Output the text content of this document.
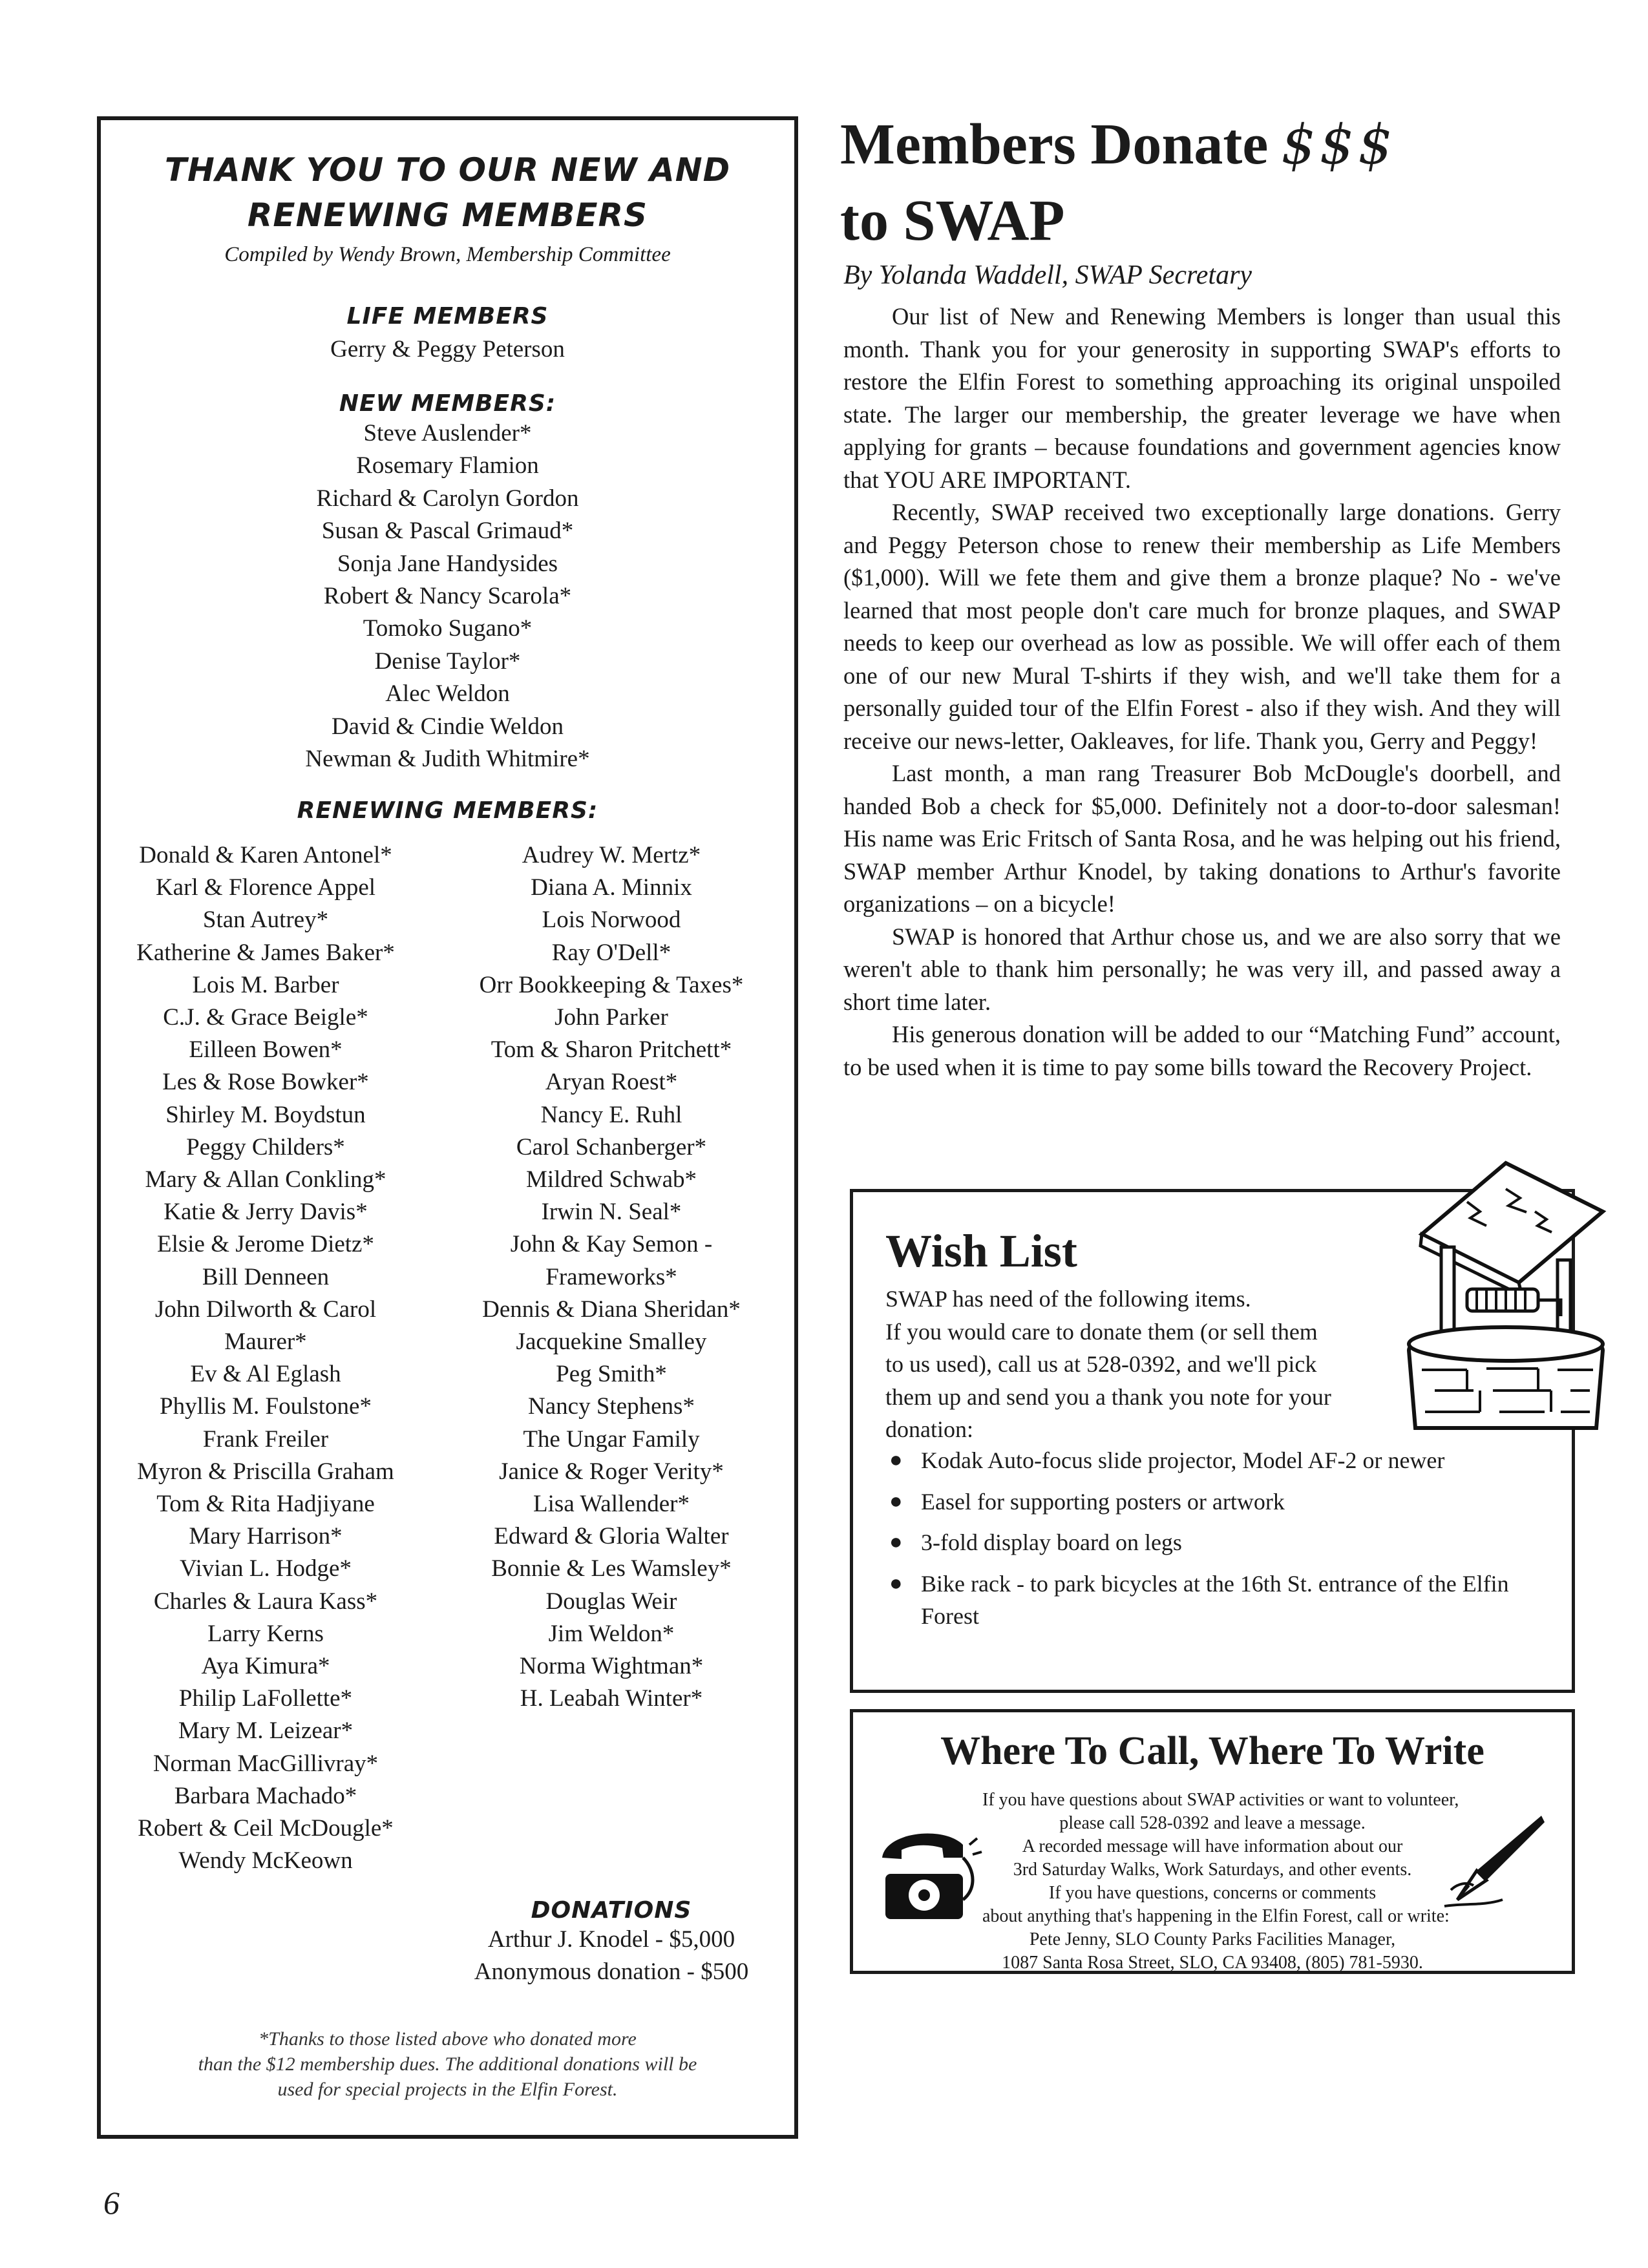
THANK YOU TO OUR NEW AND
RENEWING MEMBERS
Compiled by Wendy Brown, Membership Committee
LIFE MEMBERS
Gerry & Peggy Peterson
NEW MEMBERS:
Steve Auslender*
Rosemary Flamion
Richard & Carolyn Gordon
Susan & Pascal Grimaud*
Sonja Jane Handysides
Robert & Nancy Scarola*
Tomoko Sugano*
Denise Taylor*
Alec Weldon
David & Cindie Weldon
Newman & Judith Whitmire*
RENEWING MEMBERS:
Donald & Karen Antonel*
Karl & Florence Appel
Stan Autrey*
Katherine & James Baker*
Lois M. Barber
C.J. & Grace Beigle*
Eilleen Bowen*
Les & Rose Bowker*
Shirley M. Boydstun
Peggy Childers*
Mary & Allan Conkling*
Katie & Jerry Davis*
Elsie & Jerome Dietz*
Bill Denneen
John Dilworth & Carol
Maurer*
Ev & Al Eglash
Phyllis M. Foulstone*
Frank Freiler
Myron & Priscilla Graham
Tom & Rita Hadjiyane
Mary Harrison*
Vivian L. Hodge*
Charles & Laura Kass*
Larry Kerns
Aya Kimura*
Philip LaFollette*
Mary M. Leizear*
Norman MacGillivray*
Barbara Machado*
Robert & Ceil McDougle*
Wendy McKeown
Audrey W. Mertz*
Diana A. Minnix
Lois Norwood
Ray O'Dell*
Orr Bookkeeping & Taxes*
John Parker
Tom & Sharon Pritchett*
Aryan Roest*
Nancy E. Ruhl
Carol Schanberger*
Mildred Schwab*
Irwin N. Seal*
John & Kay Semon -
Frameworks*
Dennis & Diana Sheridan*
Jacquekine Smalley
Peg Smith*
Nancy Stephens*
The Ungar Family
Janice & Roger Verity*
Lisa Wallender*
Edward & Gloria Walter
Bonnie & Les Wamsley*
Douglas Weir
Jim Weldon*
Norma Wightman*
H. Leabah Winter*
DONATIONS
Arthur J. Knodel - $5,000
Anonymous donation - $500
*Thanks to those listed above who donated more
than the $12 membership dues. The additional donations will be
used for special projects in the Elfin Forest.
Members Donate $$$
to SWAP
By Yolanda Waddell, SWAP Secretary

Our list of New and Renewing Members is longer than usual this month. Thank you for your generosity in supporting SWAP's efforts to restore the Elfin Forest to something approaching its original unspoiled state. The larger our membership, the greater leverage we have when applying for grants – because foundations and government agencies know that YOU ARE IMPORTANT.

Recently, SWAP received two exceptionally large donations. Gerry and Peggy Peterson chose to renew their membership as Life Members ($1,000). Will we fete them and give them a bronze plaque? No - we've learned that most people don't care much for bronze plaques, and SWAP needs to keep our overhead as low as possible. We will offer each of them one of our new Mural T-shirts if they wish, and we'll take them for a personally guided tour of the Elfin Forest - also if they wish. And they will receive our news-letter, Oakleaves, for life. Thank you, Gerry and Peggy!

Last month, a man rang Treasurer Bob McDougle's doorbell, and handed Bob a check for $5,000. Definitely not a door-to-door salesman! His name was Eric Fritsch of Santa Rosa, and he was helping out his friend, SWAP member Arthur Knodel, by taking donations to Arthur's favorite organizations – on a bicycle!

SWAP is honored that Arthur chose us, and we are also sorry that we weren't able to thank him personally; he was very ill, and passed away a short time later.

His generous donation will be added to our “Matching Fund” account, to be used when it is time to pay some bills toward the Recovery Project.

Wish List
SWAP has need of the following items.
If you would care to donate them (or sell them
to us used), call us at 528-0392, and we'll pick
them up and send you a thank you note for your
donation:
● Kodak Auto-focus slide projector, Model AF-2 or newer
● Easel for supporting posters or artwork
● 3-fold display board on legs
● Bike rack - to park bicycles at the 16th St. entrance of the Elfin Forest
Where To Call, Where To Write
If you have questions about SWAP activities or want to volunteer,
please call 528-0392 and leave a message.
A recorded message will have information about our
3rd Saturday Walks, Work Saturdays, and other events.
If you have questions, concerns or comments
about anything that's happening in the Elfin Forest, call or write:
Pete Jenny, SLO County Parks Facilities Manager,
1087 Santa Rosa Street, SLO, CA 93408, (805) 781-5930.
6
